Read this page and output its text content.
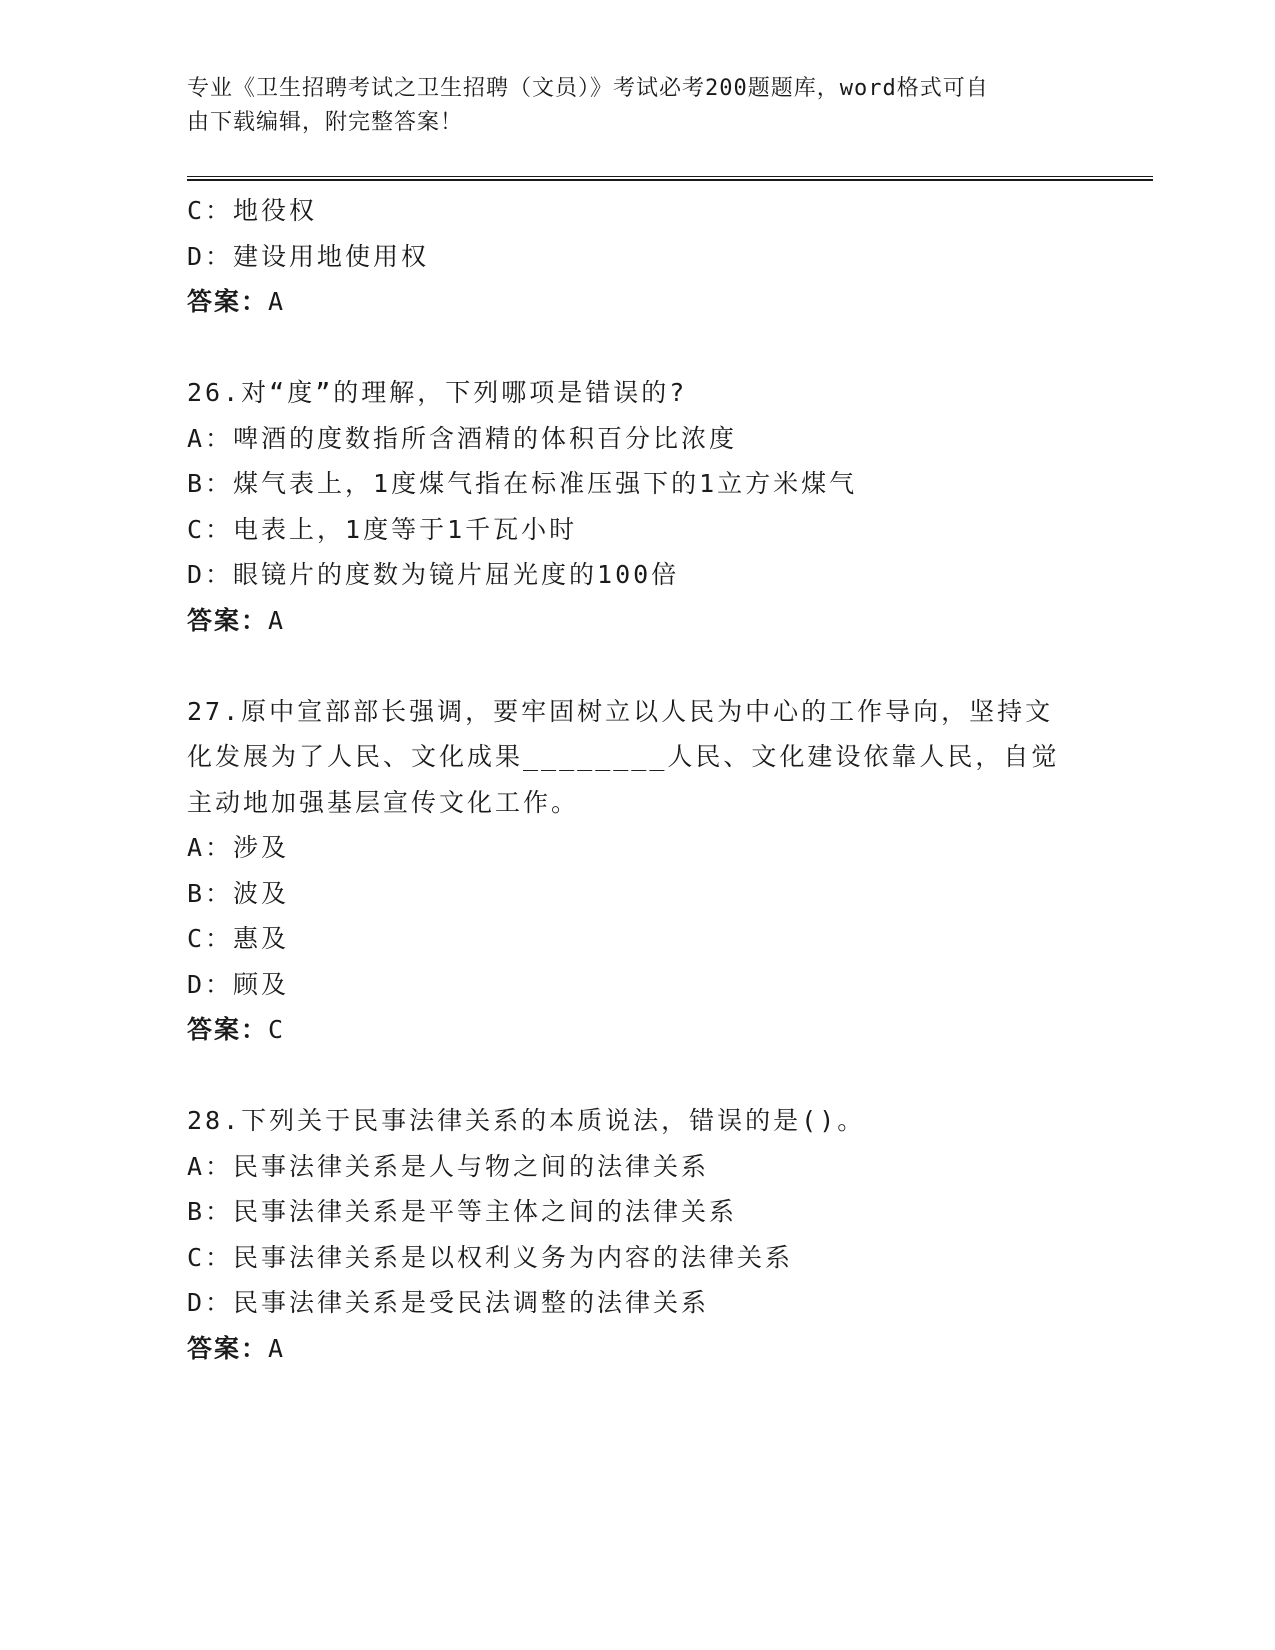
专业《卫生招聘考试之卫生招聘（文员）》考试必考200题题库，word格式可自
由下载编辑，附完整答案！
C：地役权
D：建设用地使用权
答案：A
26.对“度”的理解，下列哪项是错误的?
A：啤酒的度数指所含酒精的体积百分比浓度
B：煤气表上，1度煤气指在标准压强下的1立方米煤气
C：电表上，1度等于1千瓦小时
D：眼镜片的度数为镜片屈光度的100倍
答案：A
27.原中宣部部长强调，要牢固树立以人民为中心的工作导向，坚持文
化发展为了人民、文化成果________人民、文化建设依靠人民，自觉
主动地加强基层宣传文化工作。
A：涉及
B：波及
C：惠及
D：顾及
答案：C
28.下列关于民事法律关系的本质说法，错误的是()。
A：民事法律关系是人与物之间的法律关系
B：民事法律关系是平等主体之间的法律关系
C：民事法律关系是以权利义务为内容的法律关系
D：民事法律关系是受民法调整的法律关系
答案：A
